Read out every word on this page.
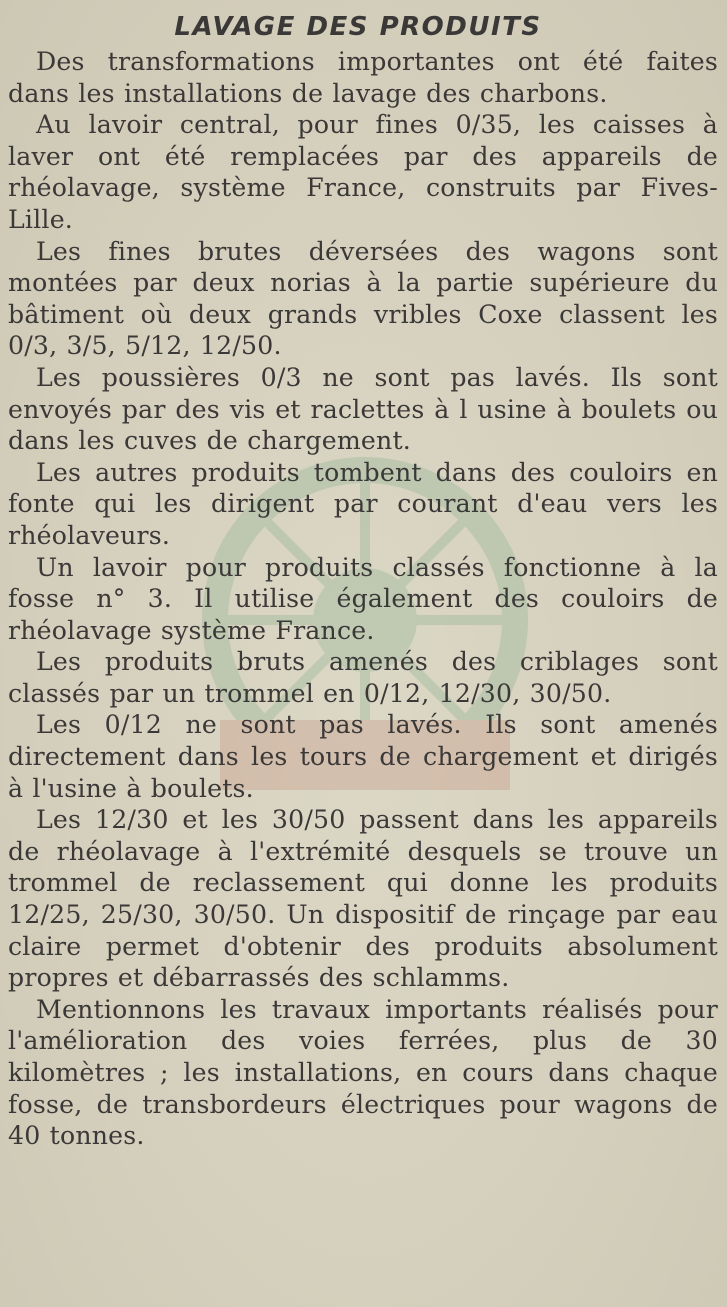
LAVAGE DES PRODUITS

Des transformations importantes ont été faites dans les installations de lavage des charbons.

Au lavoir central, pour fines 0/35, les caisses à laver ont été remplacées par des appareils de rhéolavage, système France, construits par Fives-Lille.

Les fines brutes déversées des wagons sont montées par deux norias à la partie supérieure du bâtiment où deux grands vribles Coxe classent les 0/3, 3/5, 5/12, 12/50.

Les poussières 0/3 ne sont pas lavés. Ils sont envoyés par des vis et raclettes à l usine à boulets ou dans les cuves de chargement.

Les autres produits tombent dans des couloirs en fonte qui les dirigent par courant d'eau vers les rhéolaveurs.

Un lavoir pour produits classés fonctionne à la fosse n° 3. Il utilise également des couloirs de rhéolavage système France.

Les produits bruts amenés des criblages sont classés par un trommel en 0/12, 12/30, 30/50.

Les 0/12 ne sont pas lavés. Ils sont amenés directement dans les tours de chargement et dirigés à l'usine à boulets.

Les 12/30 et les 30/50 passent dans les appareils de rhéolavage à l'extrémité desquels se trouve un trommel de reclassement qui donne les produits 12/25, 25/30, 30/50. Un dispositif de rinçage par eau claire permet d'obtenir des produits absolument propres et débarrassés des schlamms.

Mentionnons les travaux importants réalisés pour l'amélioration des voies ferrées, plus de 30 kilomètres ; les installations, en cours dans chaque fosse, de transbordeurs électriques pour wagons de 40 tonnes.
